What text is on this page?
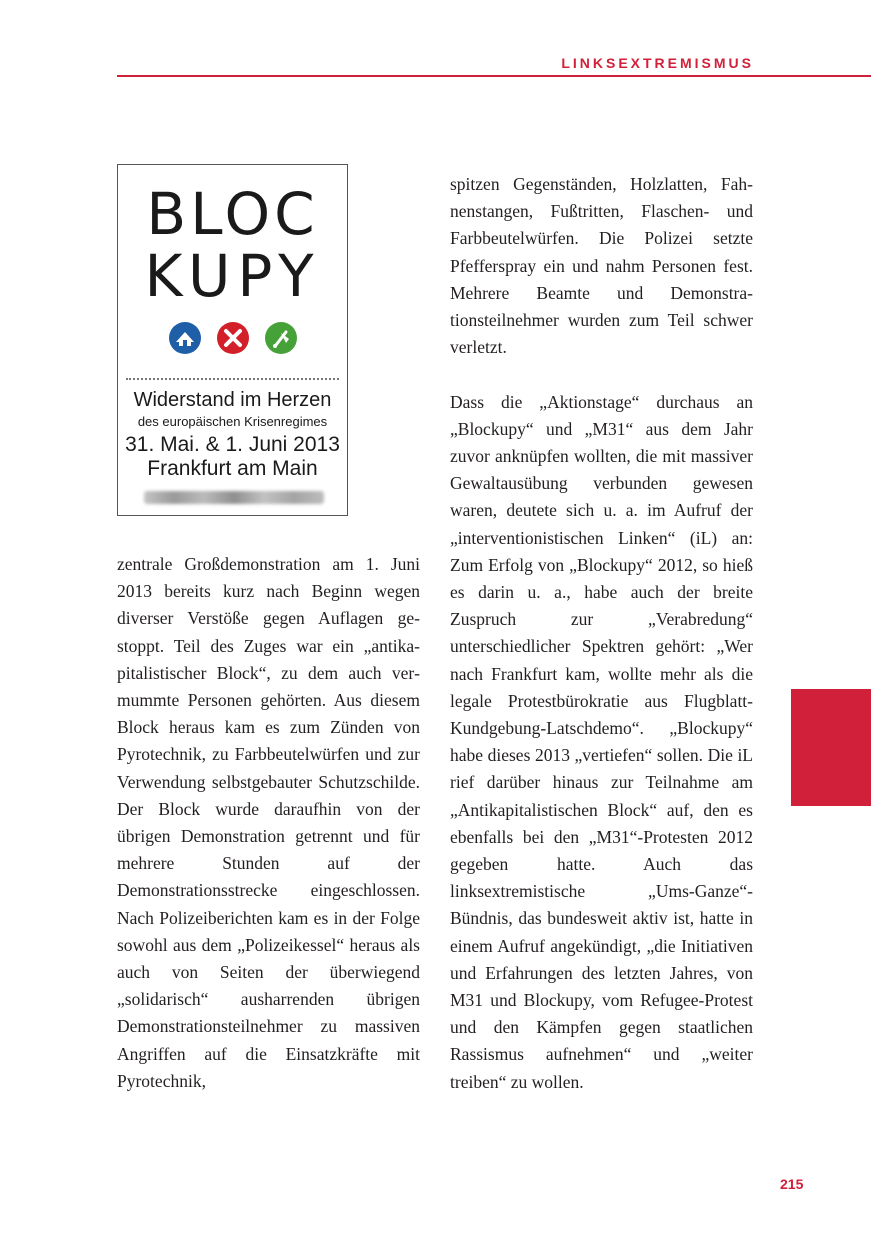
LINKSEXTREMISMUS
BLOC
KUPY

Widerstand im Herzen

des europäischen Krisenregimes

31. Mai. & 1. Juni 2013

Frankfurt am Main

zentrale Großdemonstration am 1. Juni 2013 bereits kurz nach Beginn wegen diverser Verstöße gegen Auflagen gestoppt. Teil des Zuges war ein „antikapitalistischer Block“, zu dem auch vermummte Personen gehörten. Aus diesem Block heraus kam es zum Zünden von Pyrotechnik, zu Farbbeutelwürfen und zur Verwendung selbstgebauter Schutzschilde. Der Block wurde daraufhin von der übrigen Demonstration getrennt und für mehrere Stunden auf der Demonstrationsstrecke eingeschlossen. Nach Polizeiberichten kam es in der Folge sowohl aus dem „Polizeikessel“ heraus als auch von Seiten der überwiegend „solidarisch“ ausharrenden übrigen Demonstrationsteilnehmer zu massiven Angriffen auf die Einsatzkräfte mit Pyrotechnik,

spitzen Gegenständen, Holzlatten, Fahnenstangen, Fußtritten, Flaschen- und Farbbeutelwürfen. Die Polizei setzte Pfefferspray ein und nahm Personen fest. Mehrere Beamte und Demonstrationsteilnehmer wurden zum Teil schwer verletzt.

Dass die „Aktionstage“ durchaus an „Blockupy“ und „M31“ aus dem Jahr zuvor anknüpfen wollten, die mit massiver Gewaltausübung verbunden gewesen waren, deutete sich u. a. im Aufruf der „interventionistischen Linken“ (iL) an: Zum Erfolg von „Blockupy“ 2012, so hieß es darin u. a., habe auch der breite Zuspruch zur „Verabredung“ unterschiedlicher Spektren gehört: „Wer nach Frankfurt kam, wollte mehr als die legale Protestbürokratie aus Flugblatt-Kundgebung-Latschdemo“. „Blockupy“ habe dieses 2013 „vertiefen“ sollen. Die iL rief darüber hinaus zur Teilnahme am „Antikapitalistischen Block“ auf, den es ebenfalls bei den „M31“-Protesten 2012 gegeben hatte. Auch das linksextremistische „Ums-Ganze“-Bündnis, das bundesweit aktiv ist, hatte in einem Aufruf angekündigt, „die Initiativen und Erfahrungen des letzten Jahres, von M31 und Blockupy, vom Refugee-Protest und den Kämpfen gegen staatlichen Rassismus aufnehmen“ und „weiter treiben“ zu wollen.

215
